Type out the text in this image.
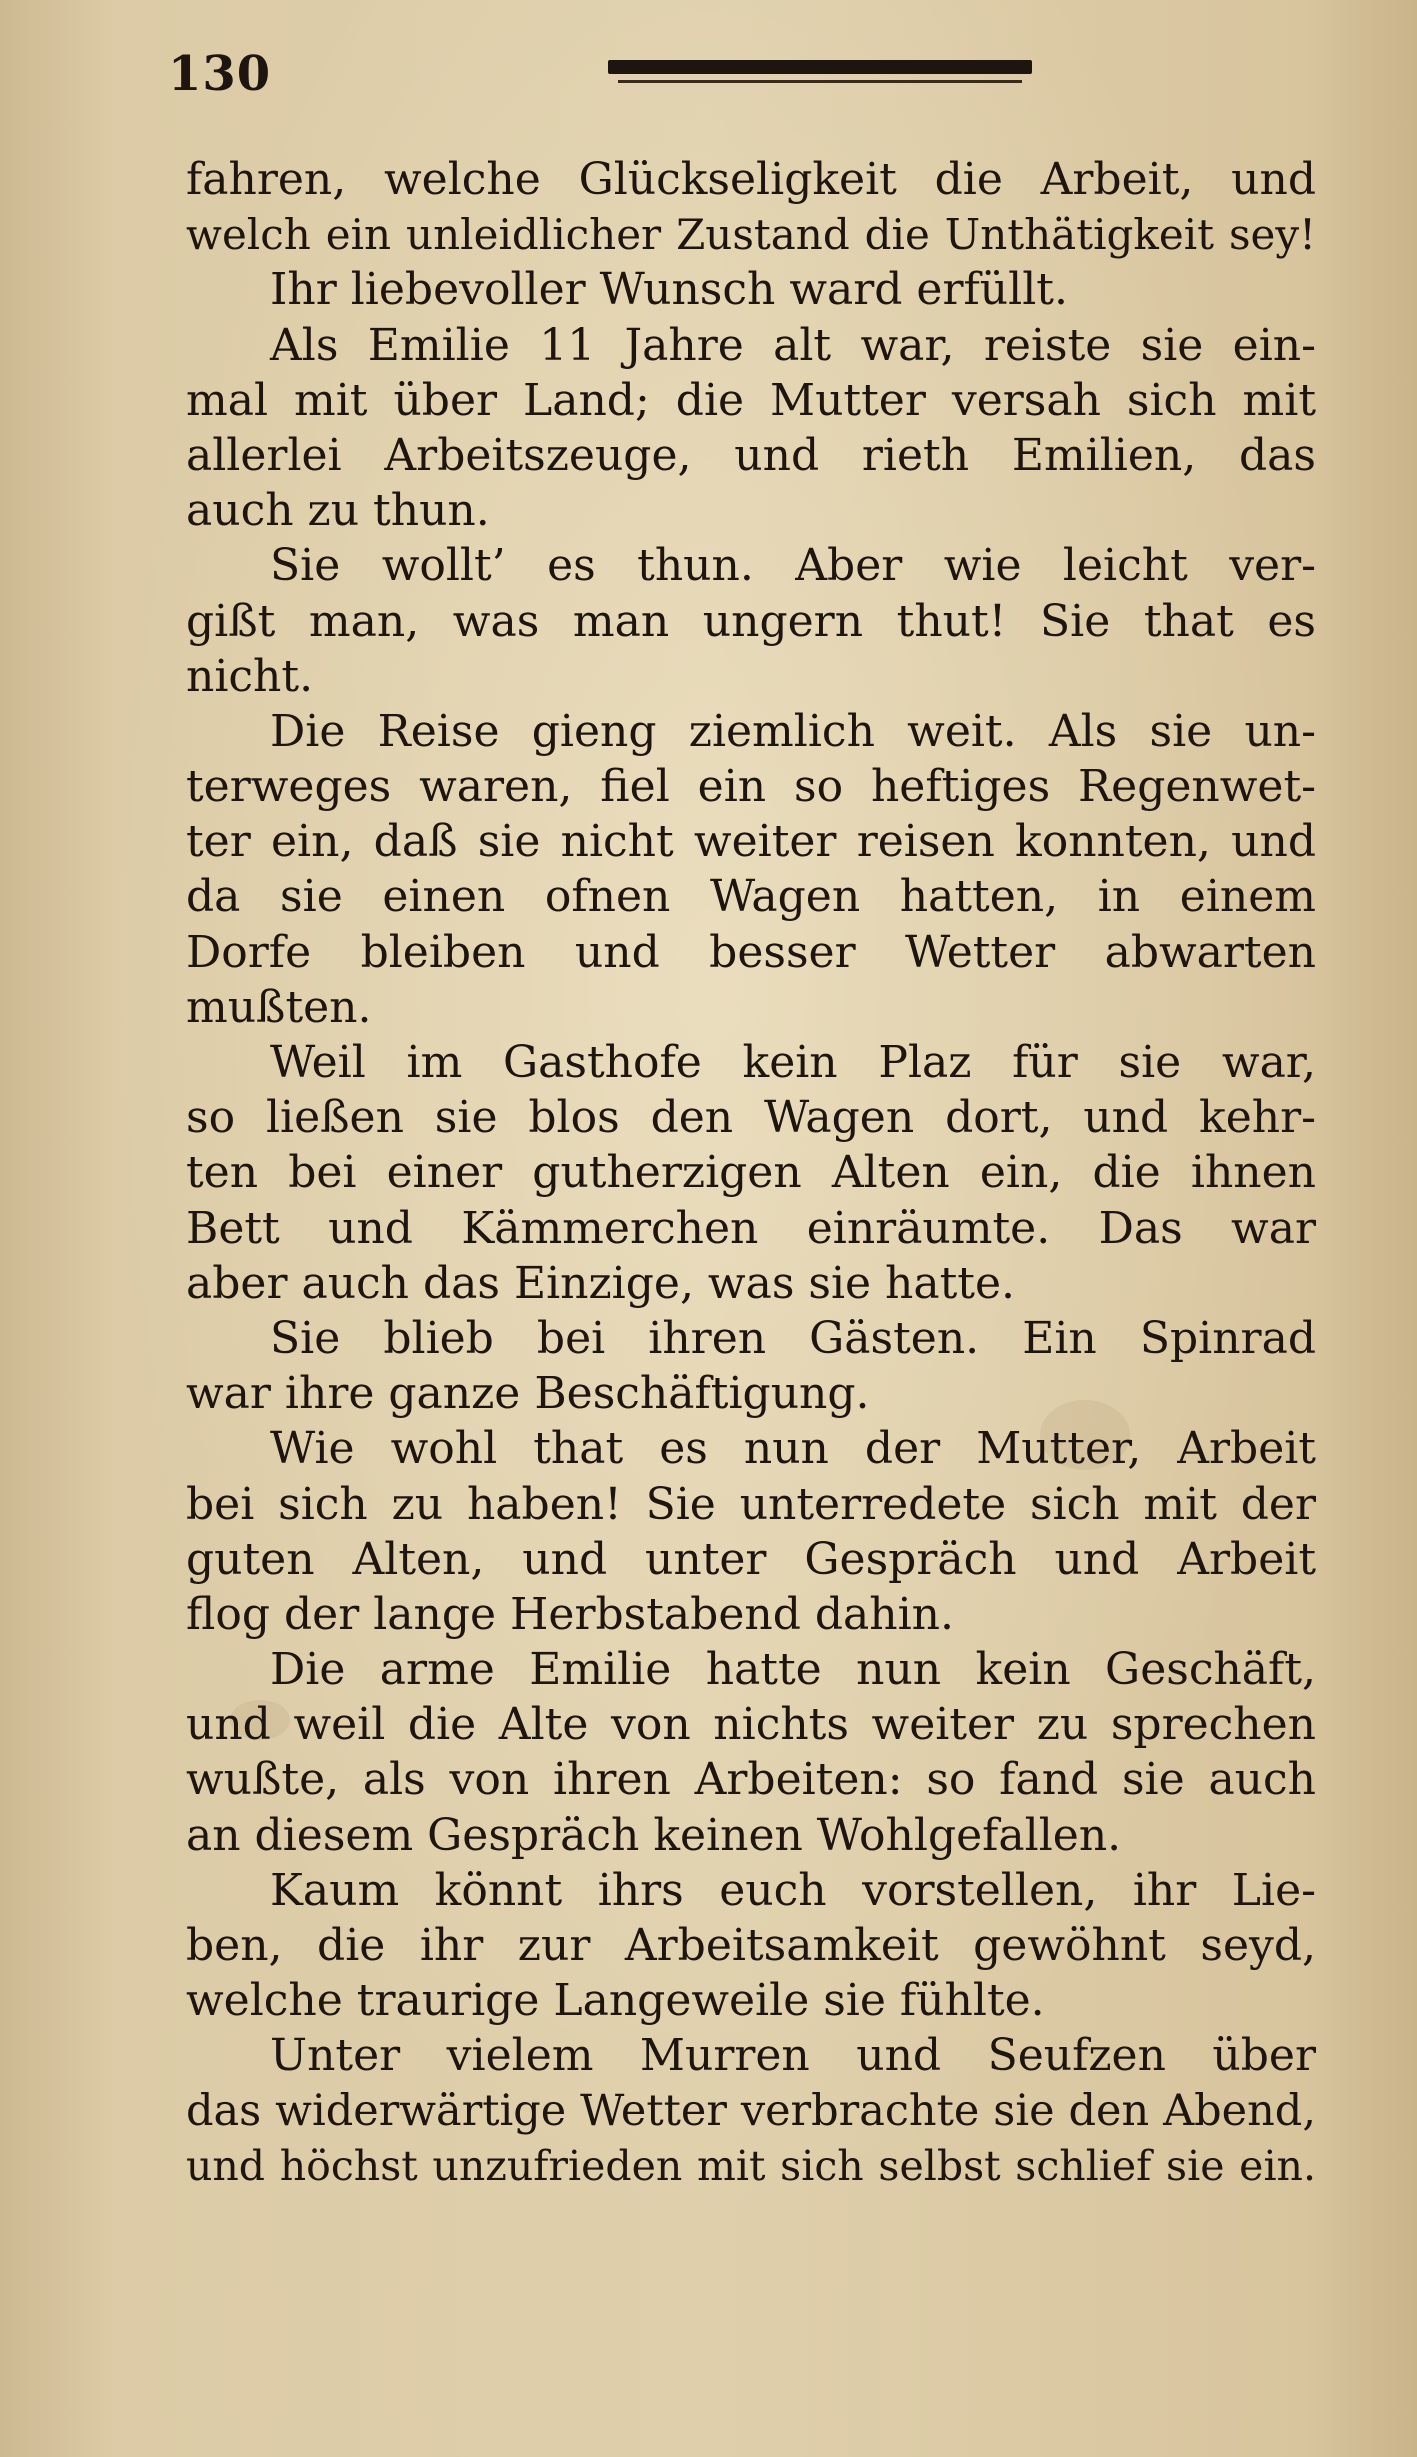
130
fahren, welche Glückseligkeit die Arbeit, und
welch ein unleidlicher Zustand die Unthätigkeit sey!
Ihr liebevoller Wunsch ward erfüllt.
Als Emilie 11 Jahre alt war, reiste sie ein-
mal mit über Land; die Mutter versah sich mit
allerlei Arbeitszeuge, und rieth Emilien, das
auch zu thun.
Sie wollt’ es thun. Aber wie leicht ver-
gißt man, was man ungern thut! Sie that es
nicht.
Die Reise gieng ziemlich weit. Als sie un-
terweges waren, fiel ein so heftiges Regenwet-
ter ein, daß sie nicht weiter reisen konnten, und
da sie einen ofnen Wagen hatten, in einem
Dorfe bleiben und besser Wetter abwarten
mußten.
Weil im Gasthofe kein Plaz für sie war,
so ließen sie blos den Wagen dort, und kehr-
ten bei einer gutherzigen Alten ein, die ihnen
Bett und Kämmerchen einräumte. Das war
aber auch das Einzige, was sie hatte.
Sie blieb bei ihren Gästen. Ein Spinrad
war ihre ganze Beschäftigung.
Wie wohl that es nun der Mutter, Arbeit
bei sich zu haben! Sie unterredete sich mit der
guten Alten, und unter Gespräch und Arbeit
flog der lange Herbstabend dahin.
Die arme Emilie hatte nun kein Geschäft,
und weil die Alte von nichts weiter zu sprechen
wußte, als von ihren Arbeiten: so fand sie auch
an diesem Gespräch keinen Wohlgefallen.
Kaum könnt ihrs euch vorstellen, ihr Lie-
ben, die ihr zur Arbeitsamkeit gewöhnt seyd,
welche traurige Langeweile sie fühlte.
Unter vielem Murren und Seufzen über
das widerwärtige Wetter verbrachte sie den Abend,
und höchst unzufrieden mit sich selbst schlief sie ein.
